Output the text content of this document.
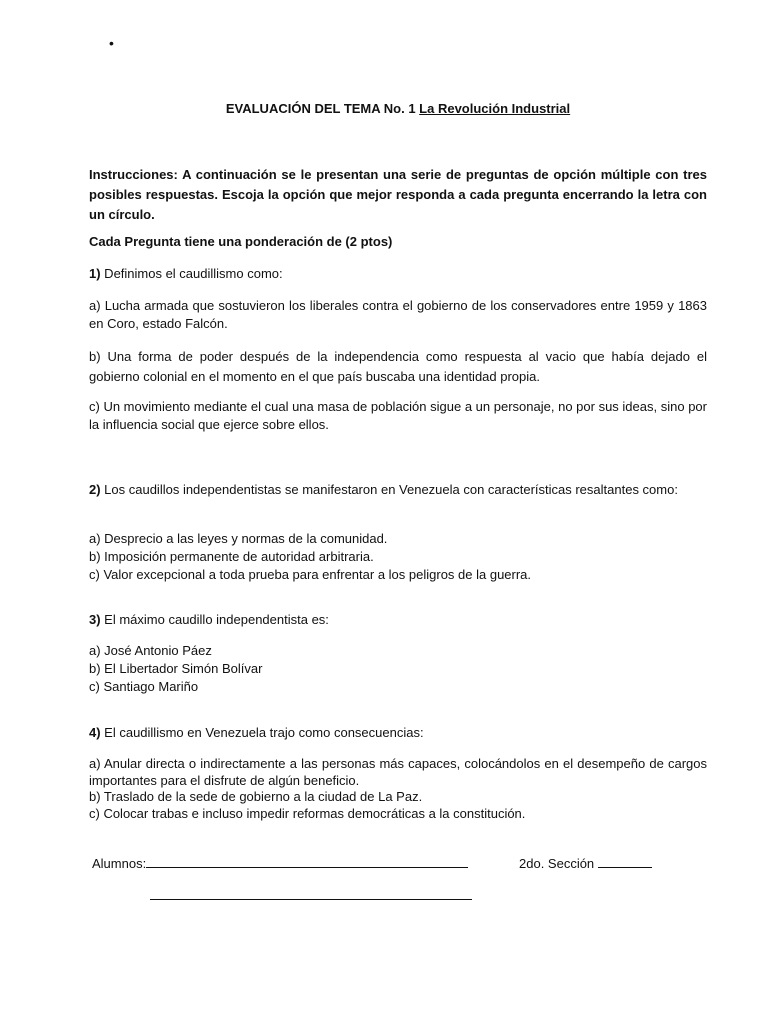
•
EVALUACIÓN DEL TEMA No. 1 La Revolución Industrial
Instrucciones: A continuación se le presentan una serie de preguntas de opción múltiple con tres posibles respuestas. Escoja la opción que mejor responda a cada pregunta encerrando la letra con un círculo.
Cada Pregunta tiene una ponderación de (2 ptos)

1) Definimos el caudillismo como:

a) Lucha armada que sostuvieron los liberales contra el gobierno de los conservadores entre 1959 y 1863 en Coro, estado Falcón.
b) Una forma de poder después de la independencia como respuesta al vacio que había dejado el gobierno colonial en el momento en el que país buscaba una identidad propia.
c) Un movimiento mediante el cual una masa de población sigue a un personaje, no por sus ideas, sino por la influencia social que ejerce sobre ellos.
2) Los caudillos independentistas se manifestaron en Venezuela con características resaltantes como:
a) Desprecio a las leyes y normas de la comunidad.
b) Imposición permanente de autoridad arbitraria.
c) Valor excepcional a toda prueba para enfrentar a los peligros de la guerra.
3) El máximo caudillo independentista es:
a) José Antonio Páez
b) El Libertador Simón Bolívar
c) Santiago Mariño
4) El caudillismo en Venezuela trajo como consecuencias:
a) Anular directa o indirectamente a las personas más capaces, colocándolos en el desempeño de cargos importantes para el disfrute de algún beneficio.
b) Traslado de la sede de gobierno a la ciudad de La Paz.
c) Colocar trabas e incluso impedir reformas democráticas a la constitución.
Alumnos:	2do. Sección
